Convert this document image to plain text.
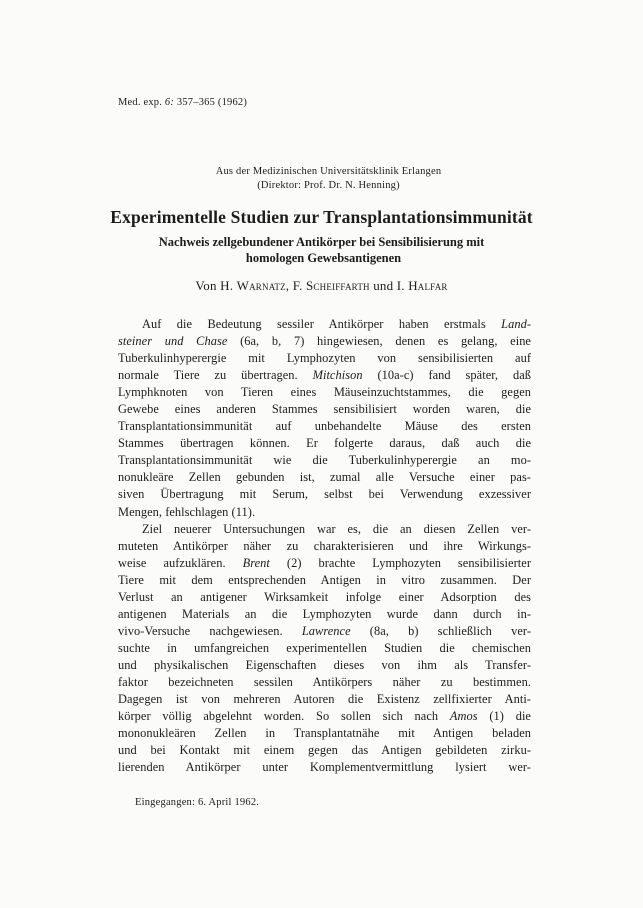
Med. exp. 6: 357–365 (1962)
Aus der Medizinischen Universitätsklinik Erlangen
(Direktor: Prof. Dr. N. Henning)
Experimentelle Studien zur Transplantationsimmunität
Nachweis zellgebundener Antikörper bei Sensibilisierung mit
homologen Gewebsantigenen
Von H. Warnatz, F. Scheiffarth und I. Halfar
Auf die Bedeutung sessiler Antikörper haben erstmals Land-
steiner und Chase (6a, b, 7) hingewiesen, denen es gelang, eine
Tuberkulinhyperergie mit Lymphozyten von sensibilisierten auf
normale Tiere zu übertragen. Mitchison (10a-c) fand später, daß
Lymphknoten von Tieren eines Mäuseinzuchtstammes, die gegen
Gewebe eines anderen Stammes sensibilisiert worden waren, die
Transplantationsimmunität auf unbehandelte Mäuse des ersten
Stammes übertragen können. Er folgerte daraus, daß auch die
Transplantationsimmunität wie die Tuberkulinhyperergie an mo-
nonukleäre Zellen gebunden ist, zumal alle Versuche einer pas-
siven Übertragung mit Serum, selbst bei Verwendung exzessiver
Mengen, fehlschlagen (11).
Ziel neuerer Untersuchungen war es, die an diesen Zellen ver-
muteten Antikörper näher zu charakterisieren und ihre Wirkungs-
weise aufzuklären. Brent (2) brachte Lymphozyten sensibilisierter
Tiere mit dem entsprechenden Antigen in vitro zusammen. Der
Verlust an antigener Wirksamkeit infolge einer Adsorption des
antigenen Materials an die Lymphozyten wurde dann durch in-
vivo-Versuche nachgewiesen. Lawrence (8a, b) schließlich ver-
suchte in umfangreichen experimentellen Studien die chemischen
und physikalischen Eigenschaften dieses von ihm als Transfer-
faktor bezeichneten sessilen Antikörpers näher zu bestimmen.
Dagegen ist von mehreren Autoren die Existenz zellfixierter Anti-
körper völlig abgelehnt worden. So sollen sich nach Amos (1) die
mononukleären Zellen in Transplantatnähe mit Antigen beladen
und bei Kontakt mit einem gegen das Antigen gebildeten zirku-
lierenden Antikörper unter Komplementvermittlung lysiert wer-
Eingegangen: 6. April 1962.
